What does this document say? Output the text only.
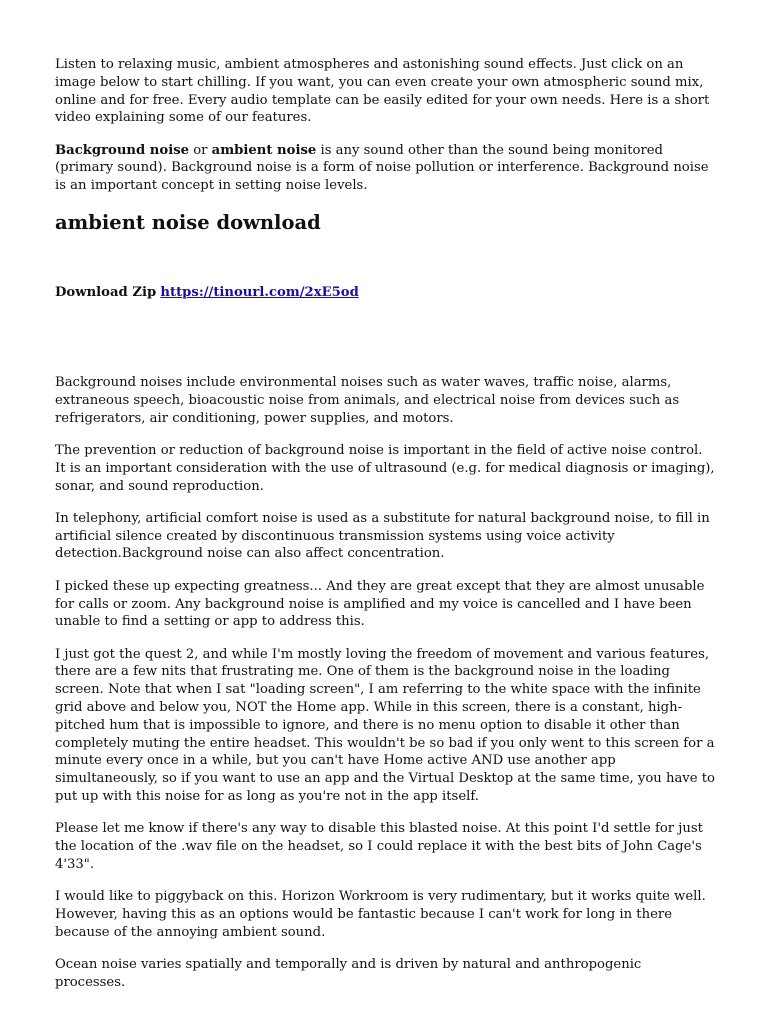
Listen to relaxing music, ambient atmospheres and astonishing sound effects. Just click on an image below to start chilling. If you want, you can even create your own atmospheric sound mix, online and for free. Every audio template can be easily edited for your own needs. Here is a short video explaining some of our features.

Background noise or ambient noise is any sound other than the sound being monitored (primary sound). Background noise is a form of noise pollution or interference. Background noise is an important concept in setting noise levels.

ambient noise download
Download Zip https://tinourl.com/2xE5od

Background noises include environmental noises such as water waves, traffic noise, alarms, extraneous speech, bioacoustic noise from animals, and electrical noise from devices such as refrigerators, air conditioning, power supplies, and motors.

The prevention or reduction of background noise is important in the field of active noise control. It is an important consideration with the use of ultrasound (e.g. for medical diagnosis or imaging), sonar, and sound reproduction.

In telephony, artificial comfort noise is used as a substitute for natural background noise, to fill in artificial silence created by discontinuous transmission systems using voice activity detection.Background noise can also affect concentration.

I picked these up expecting greatness... And they are great except that they are almost unusable for calls or zoom. Any background noise is amplified and my voice is cancelled and I have been unable to find a setting or app to address this.

I just got the quest 2, and while I'm mostly loving the freedom of movement and various features, there are a few nits that frustrating me. One of them is the background noise in the loading screen. Note that when I sat "loading screen", I am referring to the white space with the infinite grid above and below you, NOT the Home app. While in this screen, there is a constant, high-pitched hum that is impossible to ignore, and there is no menu option to disable it other than completely muting the entire headset. This wouldn't be so bad if you only went to this screen for a minute every once in a while, but you can't have Home active AND use another app simultaneously, so if you want to use an app and the Virtual Desktop at the same time, you have to put up with this noise for as long as you're not in the app itself.

Please let me know if there's any way to disable this blasted noise. At this point I'd settle for just the location of the .wav file on the headset, so I could replace it with the best bits of John Cage's 4'33".

I would like to piggyback on this. Horizon Workroom is very rudimentary, but it works quite well. However, having this as an options would be fantastic because I can't work for long in there because of the annoying ambient sound.

Ocean noise varies spatially and temporally and is driven by natural and anthropogenic processes.
